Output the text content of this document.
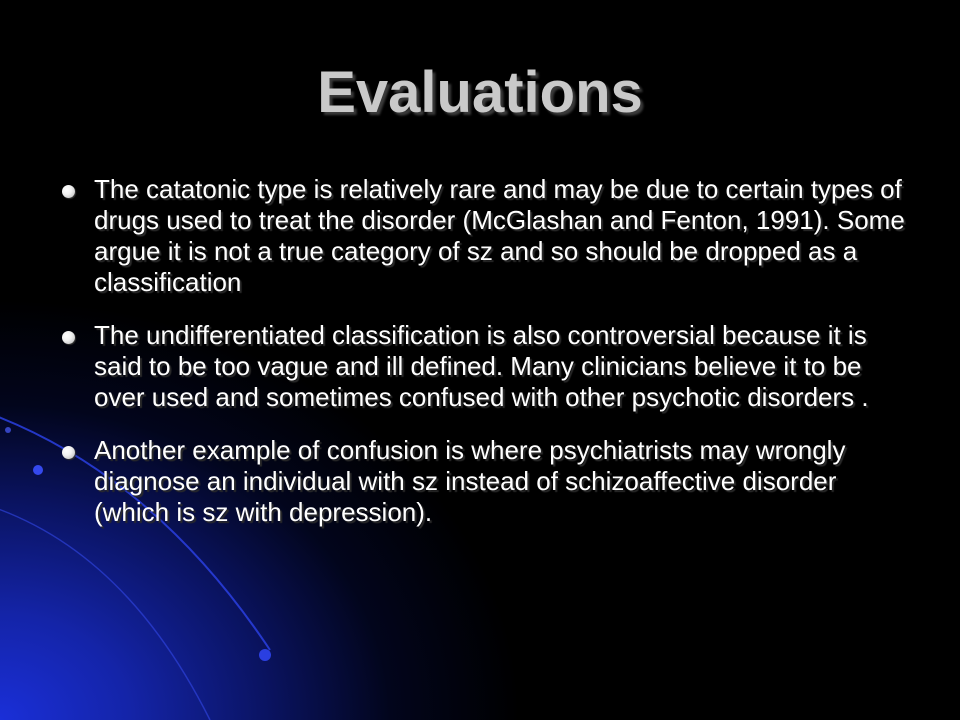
Evaluations
The catatonic type is relatively rare and may be due to certain types of drugs used to treat the disorder (McGlashan and Fenton, 1991). Some argue it is not a true category of sz and so should be dropped as a classification
The undifferentiated classification is also controversial because it is said to be too vague and ill defined. Many clinicians believe it to be over used and sometimes confused with other psychotic disorders .
Another example of confusion is where psychiatrists may wrongly diagnose an individual with sz instead of schizoaffective disorder (which is sz with depression).
